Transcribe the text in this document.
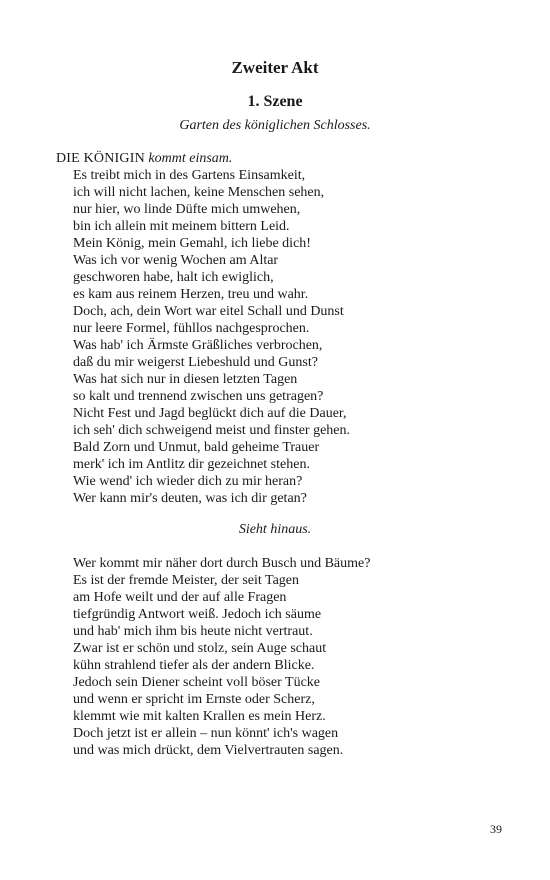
Zweiter Akt
1. Szene
Garten des königlichen Schlosses.
DIE KÖNIGIN kommt einsam.
Es treibt mich in des Gartens Einsamkeit,
ich will nicht lachen, keine Menschen sehen,
nur hier, wo linde Düfte mich umwehen,
bin ich allein mit meinem bittern Leid.
Mein König, mein Gemahl, ich liebe dich!
Was ich vor wenig Wochen am Altar
geschworen habe, halt ich ewiglich,
es kam aus reinem Herzen, treu und wahr.
Doch, ach, dein Wort war eitel Schall und Dunst
nur leere Formel, fühllos nachgesprochen.
Was hab' ich Ärmste Gräßliches verbrochen,
daß du mir weigerst Liebeshuld und Gunst?
Was hat sich nur in diesen letzten Tagen
so kalt und trennend zwischen uns getragen?
Nicht Fest und Jagd beglückt dich auf die Dauer,
ich seh' dich schweigend meist und finster gehen.
Bald Zorn und Unmut, bald geheime Trauer
merk' ich im Antlitz dir gezeichnet stehen.
Wie wend' ich wieder dich zu mir heran?
Wer kann mir's deuten, was ich dir getan?
Sieht hinaus.
Wer kommt mir näher dort durch Busch und Bäume?
Es ist der fremde Meister, der seit Tagen
am Hofe weilt und der auf alle Fragen
tiefgründig Antwort weiß. Jedoch ich säume
und hab' mich ihm bis heute nicht vertraut.
Zwar ist er schön und stolz, sein Auge schaut
kühn strahlend tiefer als der andern Blicke.
Jedoch sein Diener scheint voll böser Tücke
und wenn er spricht im Ernste oder Scherz,
klemmt wie mit kalten Krallen es mein Herz.
Doch jetzt ist er allein – nun könnt' ich's wagen
und was mich drückt, dem Vielvertrauten sagen.
39
